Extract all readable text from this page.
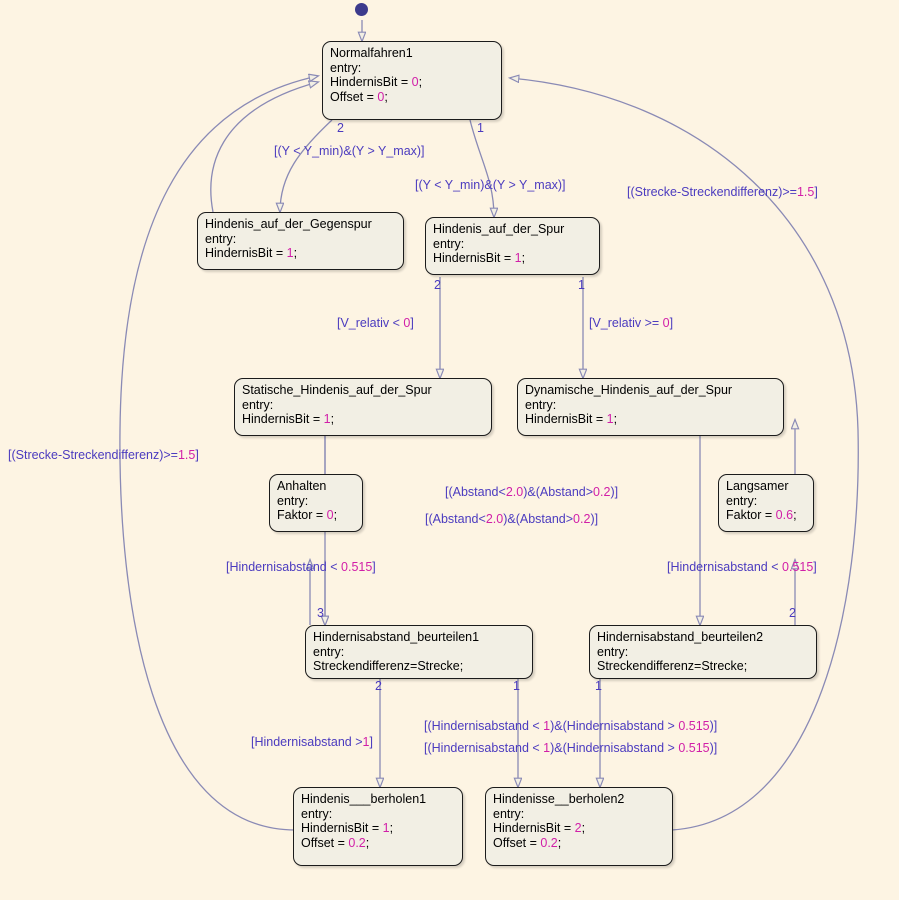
Normalfahren1
entry:
HindernisBit = 0;
Offset = 0;
Hindenis_auf_der_Gegenspur
entry:
HindernisBit = 1;
Hindenis_auf_der_Spur
entry:
HindernisBit = 1;
Statische_Hindenis_auf_der_Spur
entry:
HindernisBit = 1;
Dynamische_Hindenis_auf_der_Spur
entry:
HindernisBit = 1;
Anhalten
entry:
Faktor = 0;
Langsamer
entry:
Faktor = 0.6;
Hindernisabstand_beurteilen1
entry:
Streckendifferenz=Strecke;
Hindernisabstand_beurteilen2
entry:
Streckendifferenz=Strecke;
Hindenis___berholen1
entry:
HindernisBit = 1;
Offset = 0.2;
Hindenisse__berholen2
entry:
HindernisBit = 2;
Offset = 0.2;
2	1
2	1
3	2
2	1	1
[(Y < Y_min)&(Y > Y_max)]
[(Y < Y_min)&(Y > Y_max)]	[(Strecke-Streckendifferenz)>=1.5]
[(Strecke-Streckendifferenz)>=1.5]
[V_relativ < 0]	[V_relativ >= 0]
[(Abstand<2.0)&(Abstand>0.2)]
[(Abstand<2.0)&(Abstand>0.2)]
[Hindernisabstand < 0.515]	[Hindernisabstand < 0.515]
[Hindernisabstand >1]
[(Hindernisabstand < 1)&(Hindernisabstand > 0.515)]
[(Hindernisabstand < 1)&(Hindernisabstand > 0.515)]
